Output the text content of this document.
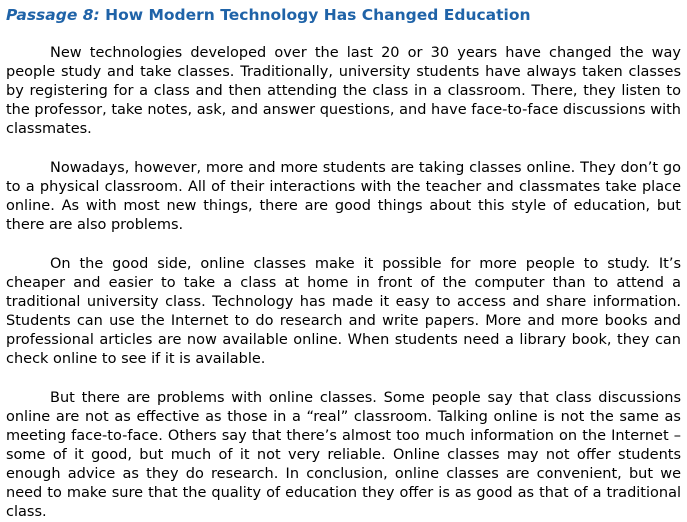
Passage 8: How Modern Technology Has Changed Education

New technologies developed over the last 20 or 30 years have changed the way people study and take classes. Traditionally, university students have always taken classes by registering for a class and then attending the class in a classroom. There, they listen to the professor, take notes, ask, and answer questions, and have face-to-face discussions with classmates.

Nowadays, however, more and more students are taking classes online. They don’t go to a physical classroom. All of their interactions with the teacher and classmates take place online. As with most new things, there are good things about this style of education, but there are also problems.

On the good side, online classes make it possible for more people to study. It’s cheaper and easier to take a class at home in front of the computer than to attend a traditional university class. Technology has made it easy to access and share information. Students can use the Internet to do research and write papers. More and more books and professional articles are now available online. When students need a library book, they can check online to see if it is available.

But there are problems with online classes. Some people say that class discussions online are not as effective as those in a “real” classroom. Talking online is not the same as meeting face-to-face. Others say that there’s almost too much information on the Internet – some of it good, but much of it not very reliable. Online classes may not offer students enough advice as they do research. In conclusion, online classes are convenient, but we need to make sure that the quality of education they offer is as good as that of a traditional class.
